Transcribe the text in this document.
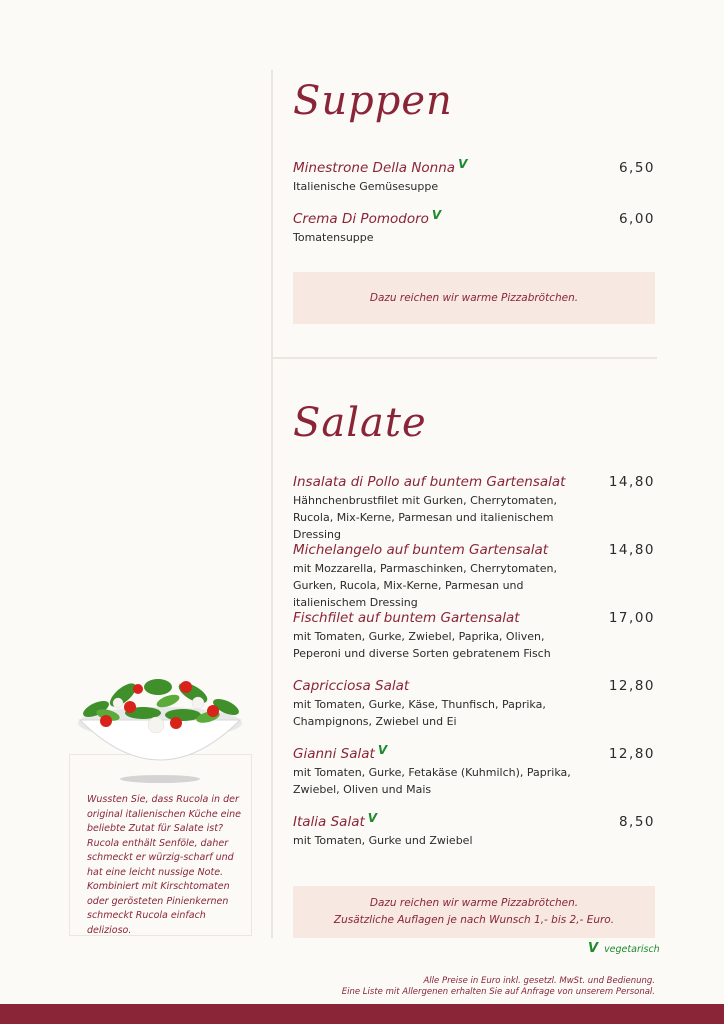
Suppen
Minestrone Della Nonna V	6,50
Italienische Gemüsesuppe
Crema Di Pomodoro V	6,00
Tomatensuppe
Dazu reichen wir warme Pizzabrötchen.
Salate
Insalata di Pollo auf buntem Gartensalat	14,80
Hähnchenbrustfilet mit Gurken, Cherrytomaten, Rucola, Mix-Kerne, Parmesan und italienischem Dressing
Michelangelo auf buntem Gartensalat	14,80
mit Mozzarella, Parmaschinken, Cherrytomaten, Gurken, Rucola, Mix-Kerne, Parmesan und italienischem Dressing
Fischfilet auf buntem Gartensalat	17,00
mit Tomaten, Gurke, Zwiebel, Paprika, Oliven, Peperoni und diverse Sorten gebratenem Fisch
Capricciosa Salat	12,80
mit Tomaten, Gurke, Käse, Thunfisch, Paprika, Champignons, Zwiebel und Ei
Gianni Salat V	12,80
mit Tomaten, Gurke, Fetakäse (Kuhmilch), Paprika, Zwiebel, Oliven und Mais
Italia Salat V	8,50
mit Tomaten, Gurke und Zwiebel
Dazu reichen wir warme Pizzabrötchen.
Zusätzliche Auflagen je nach Wunsch 1,- bis 2,- Euro.
V vegetarisch
Wussten Sie, dass Rucola in der original italienischen Küche eine beliebte Zutat für Salate ist? Rucola enthält Senföle, daher schmeckt er würzig-scharf und hat eine leicht nussige Note. Kombiniert mit Kirschtomaten oder gerösteten Pinienkernen schmeckt Rucola einfach delizioso.
Alle Preise in Euro inkl. gesetzl. MwSt. und Bedienung.
Eine Liste mit Allergenen erhalten Sie auf Anfrage von unserem Personal.
